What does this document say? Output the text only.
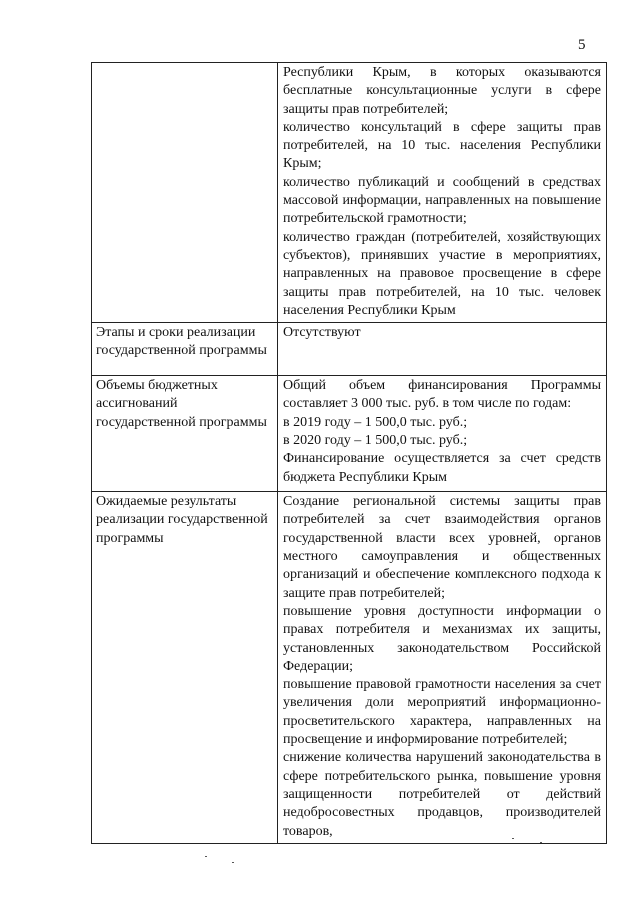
5

	Республики Крым, в которых оказываются бесплатные консультационные услуги в сфере защиты прав потребителей;

количество консультаций в сфере защиты прав потребителей, на 10 тыс. населения Республики Крым;

количество публикаций и сообщений в средствах массовой информации, направленных на повышение потребительской грамотности;

количество граждан (потребителей, хозяйствующих субъектов), принявших участие в мероприятиях, направленных на правовое просвещение в сфере защиты прав потребителей, на 10 тыс. человек населения Республики Крым

Этапы и сроки реализации государственной программы	Отсутствуют

Объемы бюджетных ассигнований государственной программы	Общий объем финансирования Программы составляет 3 000 тыс. руб. в том числе по годам:

в 2019 году – 1 500,0 тыс. руб.;

в 2020 году – 1 500,0 тыс. руб.;

Финансирование осуществляется за счет средств бюджета Республики Крым

Ожидаемые результаты реализации государственной программы	Создание региональной системы защиты прав потребителей за счет взаимодействия органов государственной власти всех уровней, органов местного самоуправления и общественных организаций и обеспечение комплексного подхода к защите прав потребителей;

повышение уровня доступности информации о правах потребителя и механизмах их защиты, установленных законодательством Российской Федерации;

повышение правовой грамотности населения за счет увеличения доли мероприятий информационно-просветительского характера, направленных на просвещение и информирование потребителей;

снижение количества нарушений законодательства в сфере потребительского рынка, повышение уровня защищенности потребителей от действий недобросовестных продавцов, производителей товаров,
